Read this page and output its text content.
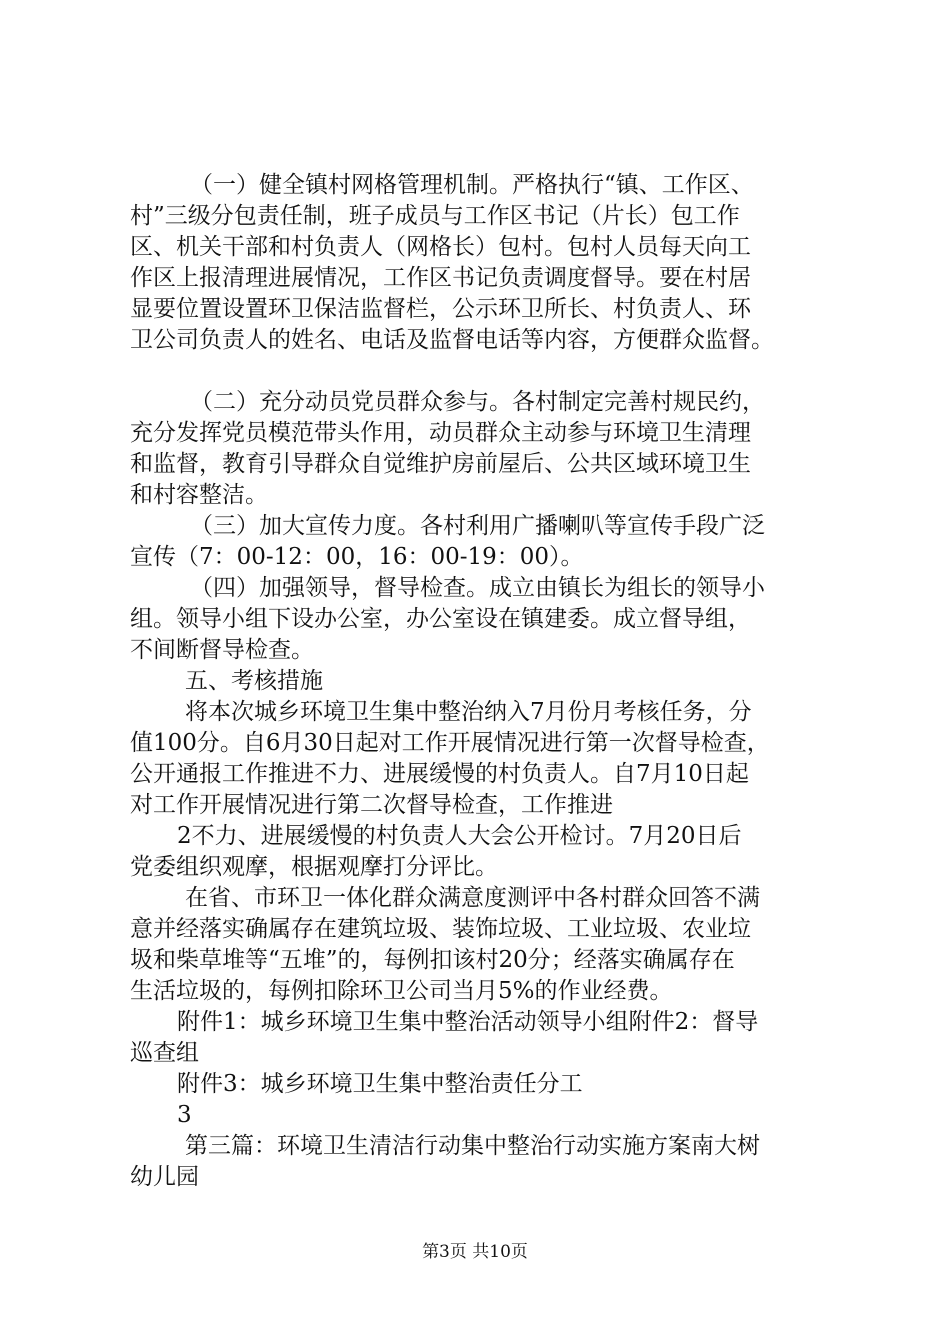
（一）健全镇村网格管理机制。严格执行“镇、工作区、
村”三级分包责任制，班子成员与工作区书记（片长）包工作
区、机关干部和村负责人（网格长）包村。包村人员每天向工
作区上报清理进展情况，工作区书记负责调度督导。要在村居
显要位置设置环卫保洁监督栏，公示环卫所长、村负责人、环
卫公司负责人的姓名、电话及监督电话等内容，方便群众监督。
（二）充分动员党员群众参与。各村制定完善村规民约，
充分发挥党员模范带头作用，动员群众主动参与环境卫生清理
和监督，教育引导群众自觉维护房前屋后、公共区域环境卫生
和村容整洁。
（三）加大宣传力度。各村利用广播喇叭等宣传手段广泛
宣传（7：00-12：00，16：00-19：00）。
（四）加强领导，督导检查。成立由镇长为组长的领导小
组。领导小组下设办公室，办公室设在镇建委。成立督导组，
不间断督导检查。
五、考核措施
将本次城乡环境卫生集中整治纳入7月份月考核任务，分
值100分。自6月30日起对工作开展情况进行第一次督导检查，
公开通报工作推进不力、进展缓慢的村负责人。自7月10日起
对工作开展情况进行第二次督导检查，工作推进
2不力、进展缓慢的村负责人大会公开检讨。7月20日后
党委组织观摩，根据观摩打分评比。
在省、市环卫一体化群众满意度测评中各村群众回答不满
意并经落实确属存在建筑垃圾、装饰垃圾、工业垃圾、农业垃
圾和柴草堆等“五堆”的，每例扣该村20分；经落实确属存在
生活垃圾的，每例扣除环卫公司当月5%的作业经费。
附件1：城乡环境卫生集中整治活动领导小组附件2：督导
巡查组
附件3：城乡环境卫生集中整治责任分工
3
第三篇：环境卫生清洁行动集中整治行动实施方案南大树
幼儿园
第3页 共10页
